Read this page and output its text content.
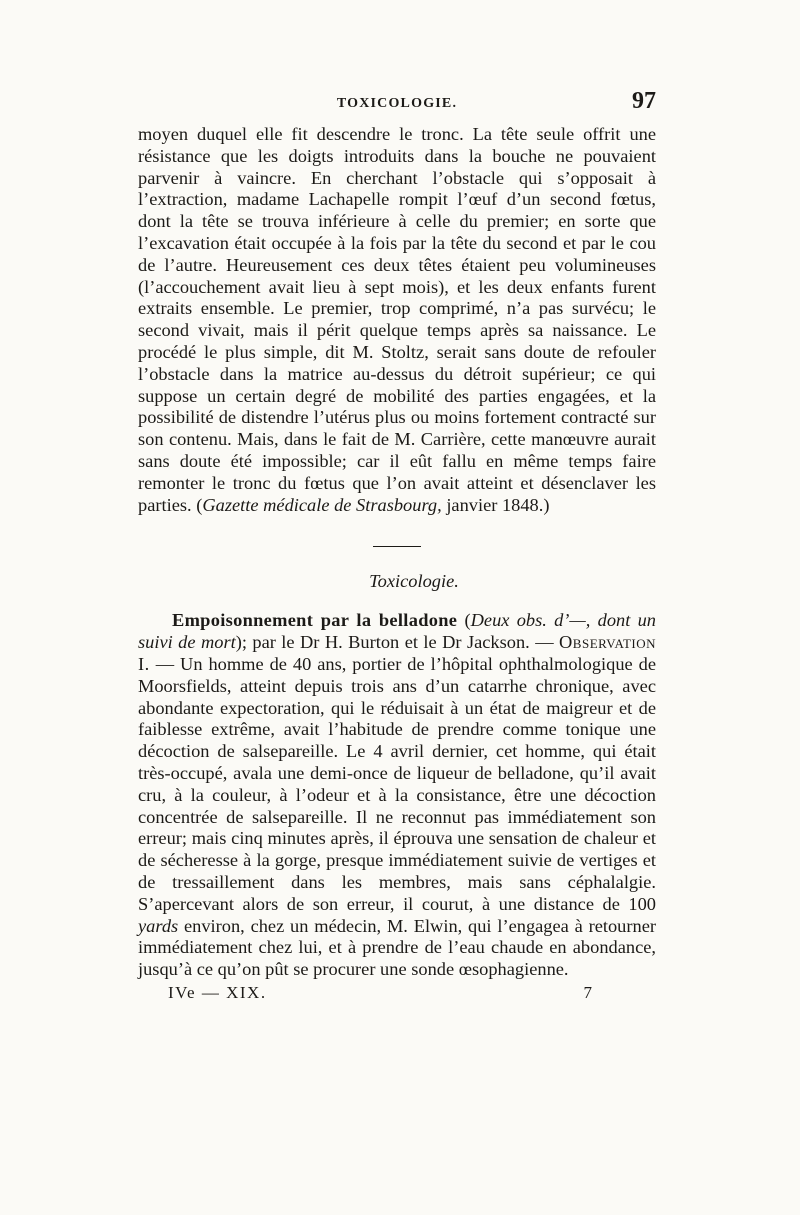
TOXICOLOGIE.	97

moyen duquel elle fit descendre le tronc. La tête seule offrit une résistance que les doigts introduits dans la bouche ne pouvaient parvenir à vaincre. En cherchant l’obstacle qui s’opposait à l’extraction, madame Lachapelle rompit l’œuf d’un second fœtus, dont la tête se trouva inférieure à celle du premier; en sorte que l’excavation était occupée à la fois par la tête du second et par le cou de l’autre. Heureusement ces deux têtes étaient peu volumineuses (l’accouchement avait lieu à sept mois), et les deux enfants furent extraits ensemble. Le premier, trop comprimé, n’a pas survécu; le second vivait, mais il périt quelque temps après sa naissance. Le procédé le plus simple, dit M. Stoltz, serait sans doute de refouler l’obstacle dans la matrice au-dessus du détroit supérieur; ce qui suppose un certain degré de mobilité des parties engagées, et la possibilité de distendre l’utérus plus ou moins fortement contracté sur son contenu. Mais, dans le fait de M. Carrière, cette manœuvre aurait sans doute été impossible; car il eût fallu en même temps faire remonter le tronc du fœtus que l’on avait atteint et désenclaver les parties. (Gazette médicale de Strasbourg, janvier 1848.)

Toxicologie.

Empoisonnement par la belladone (Deux obs. d’—, dont un suivi de mort); par le Dr H. Burton et le Dr Jackson. — Observation I. — Un homme de 40 ans, portier de l’hôpital ophthalmologique de Moorsfields, atteint depuis trois ans d’un catarrhe chronique, avec abondante expectoration, qui le réduisait à un état de maigreur et de faiblesse extrême, avait l’habitude de prendre comme tonique une décoction de salsepareille. Le 4 avril dernier, cet homme, qui était très-occupé, avala une demi-once de liqueur de belladone, qu’il avait cru, à la couleur, à l’odeur et à la consistance, être une décoction concentrée de salsepareille. Il ne reconnut pas immédiatement son erreur; mais cinq minutes après, il éprouva une sensation de chaleur et de sécheresse à la gorge, presque immédiatement suivie de vertiges et de tressaillement dans les membres, mais sans céphalalgie. S’apercevant alors de son erreur, il courut, à une distance de 100 yards environ, chez un médecin, M. Elwin, qui l’engagea à retourner immédiatement chez lui, et à prendre de l’eau chaude en abondance, jusqu’à ce qu’on pût se procurer une sonde œsophagienne.

IVe — XIX.	7
